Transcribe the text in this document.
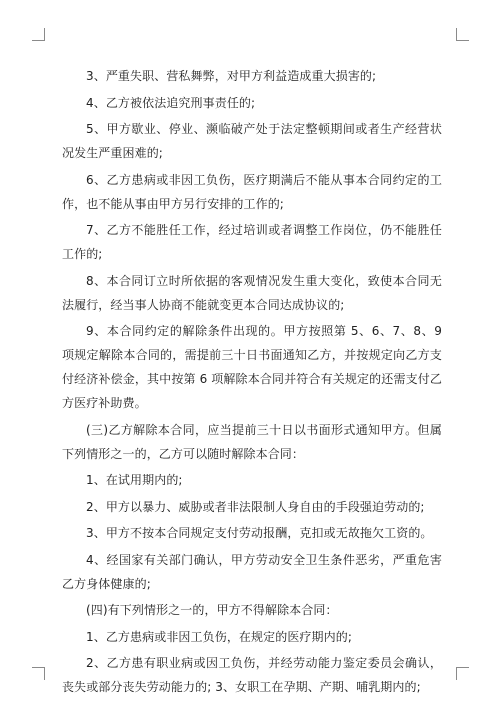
3、严重失职、营私舞弊，对甲方利益造成重大损害的;

4、乙方被依法追究刑事责任的;

5、甲方歇业、停业、濒临破产处于法定整顿期间或者生产经营状况发生严重困难的;

6、乙方患病或非因工负伤，医疗期满后不能从事本合同约定的工作，也不能从事由甲方另行安排的工作的;

7、乙方不能胜任工作，经过培训或者调整工作岗位，仍不能胜任工作的;

8、本合同订立时所依据的客观情况发生重大变化，致使本合同无法履行，经当事人协商不能就变更本合同达成协议的;

9、本合同约定的解除条件出现的。甲方按照第 5、6、7、8、9 项规定解除本合同的，需提前三十日书面通知乙方，并按规定向乙方支付经济补偿金，其中按第 6 项解除本合同并符合有关规定的还需支付乙方医疗补助费。

(三)乙方解除本合同，应当提前三十日以书面形式通知甲方。但属下列情形之一的，乙方可以随时解除本合同：

1、在试用期内的;

2、甲方以暴力、威胁或者非法限制人身自由的手段强迫劳动的;

3、甲方不按本合同规定支付劳动报酬，克扣或无故拖欠工资的。

4、经国家有关部门确认，甲方劳动安全卫生条件恶劣，严重危害乙方身体健康的;

(四)有下列情形之一的，甲方不得解除本合同：

1、乙方患病或非因工负伤，在规定的医疗期内的;

2、乙方患有职业病或因工负伤，并经劳动能力鉴定委员会确认，丧失或部分丧失劳动能力的; 3、女职工在孕期、产期、哺乳期内的;
